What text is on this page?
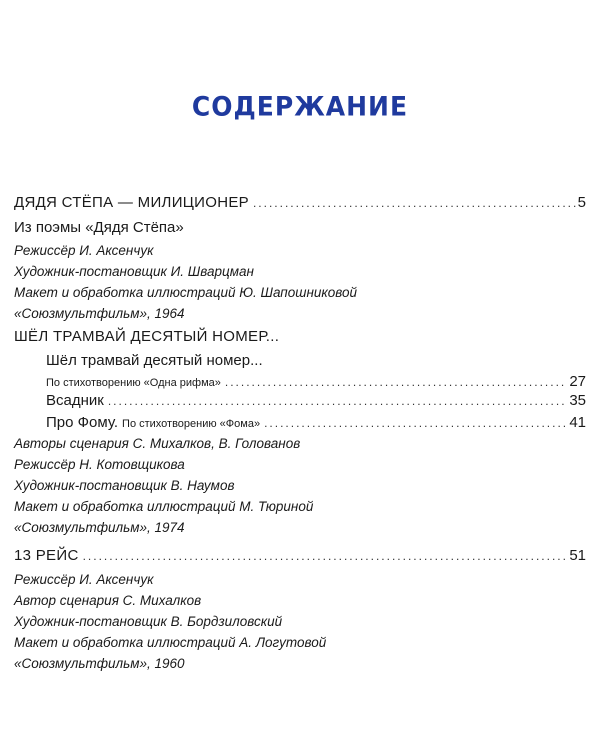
СОДЕРЖАНИЕ
ДЯДЯ СТЁПА — МИЛИЦИОНЕР .....	5
Из поэмы «Дядя Стёпа»
Режиссёр И. Аксенчук
Художник-постановщик И. Шварцман
Макет и обработка иллюстраций Ю. Шапошниковой
«Союзмультфильм», 1964
ШЁЛ ТРАМВАЙ ДЕСЯТЫЙ НОМЕР...
Шёл трамвай десятый номер...
По стихотворению «Одна рифма» .....	27
Всадник .....	35
Про Фому. По стихотворению «Фома» .....	41
Авторы сценария С. Михалков, В. Голованов
Режиссёр Н. Котовщикова
Художник-постановщик В. Наумов
Макет и обработка иллюстраций М. Тюриной
«Союзмультфильм», 1974
13 РЕЙС .....	51
Режиссёр И. Аксенчук
Автор сценария С. Михалков
Художник-постановщик В. Бордзиловский
Макет и обработка иллюстраций А. Логутовой
«Союзмультфильм», 1960
